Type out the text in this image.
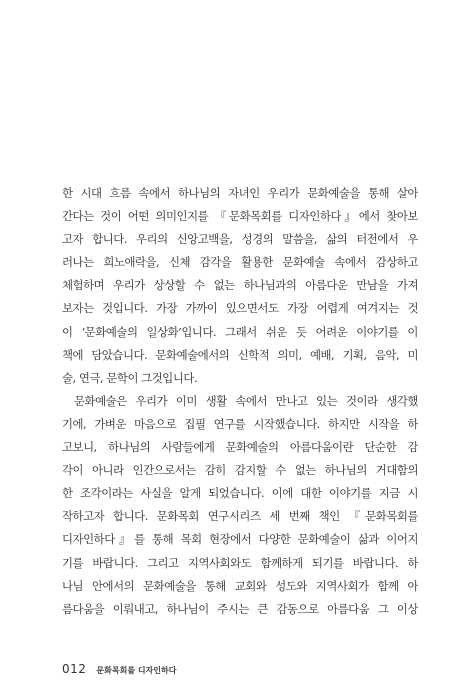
한 시대 흐름 속에서 하나님의 자녀인 우리가 문화예술을 통해 살아
간다는 것이 어떤 의미인지를 『문화목회를 디자인하다』에서 찾아보
고자 합니다. 우리의 신앙고백을, 성경의 말씀을, 삶의 터전에서 우
러나는 희노애락을, 신체 감각을 활용한 문화예술 속에서 감상하고
체험하며 우리가 상상할 수 없는 하나님과의 아름다운 만남을 가져
보자는 것입니다. 가장 가까이 있으면서도 가장 어렵게 여겨지는 것
이 ‘문화예술의 일상화’입니다. 그래서 쉬운 듯 어려운 이야기를 이
책에 담았습니다. 문화예술에서의 신학적 의미, 예배, 기획, 음악, 미
술, 연극, 문학이 그것입니다.
문화예술은 우리가 이미 생활 속에서 만나고 있는 것이라 생각했
기에, 가벼운 마음으로 집필 연구를 시작했습니다. 하지만 시작을 하
고보니, 하나님의 사람들에게 문화예술의 아름다움이란 단순한 감
각이 아니라 인간으로서는 감히 감지할 수 없는 하나님의 거대함의
한 조각이라는 사실을 알게 되었습니다. 이에 대한 이야기를 지금 시
작하고자 합니다. 문화목회 연구시리즈 세 번째 책인 『문화목회를
디자인하다』를 통해 목회 현장에서 다양한 문화예술이 삶과 이어지
기를 바랍니다. 그리고 지역사회와도 함께하게 되기를 바랍니다. 하
나님 안에서의 문화예술을 통해 교회와 성도와 지역사회가 함께 아
름다움을 이뤄내고, 하나님이 주시는 큰 감동으로 아름다움 그 이상
012 문화목회를 디자인하다
